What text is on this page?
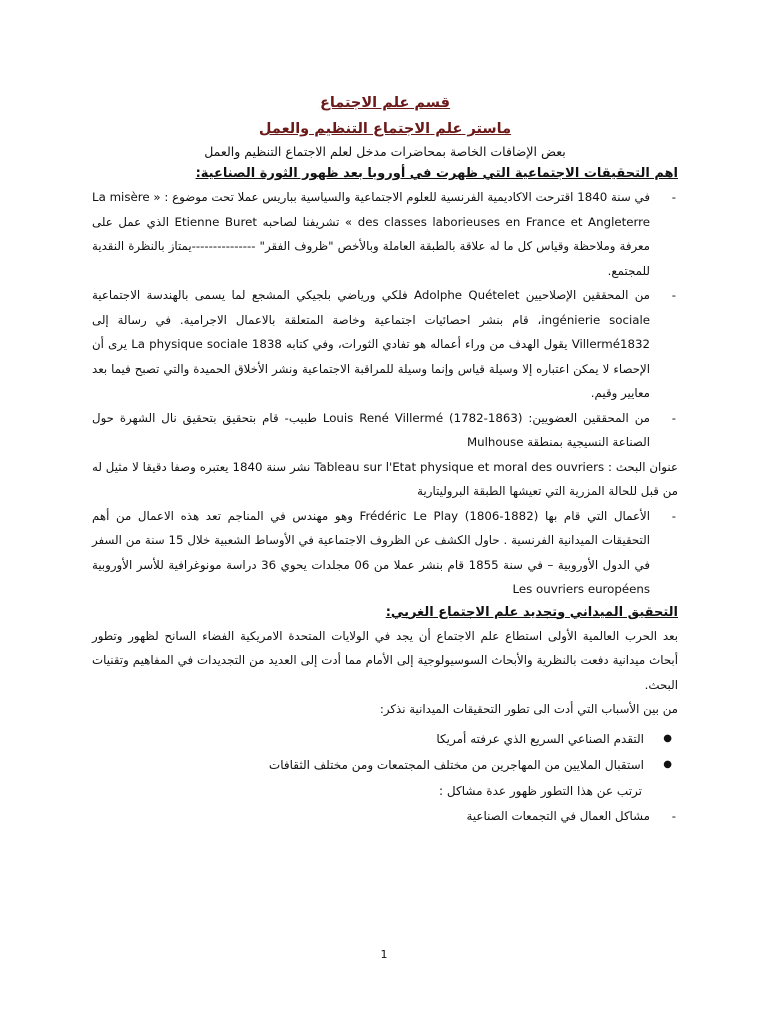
قسم علم الاجتماع

ماستر علم الاجتماع التنظيم والعمل

بعض الإضافات الخاصة بمحاضرات مدخل لعلم الاجتماع التنظيم والعمل

اهم التحقيقات الاجتماعية التي ظهرت في أوروبا بعد ظهور الثورة الصناعية:

- في سنة 1840 اقترحت الاكاديمية الفرنسية للعلوم الاجتماعية والسياسية بباريس عملا تحت موضوع : « La misère des classes laborieuses en France et Angleterre » تشريفنا لصاحبه Etienne Buret الذي عمل على معرفة وملاحظة وقياس كل ما له علاقة بالطبقة العاملة وبالأخص "ظروف الفقر" ---------------يمتاز بالنظرة النقدية للمجتمع.
- من المحققين الإصلاحيين Adolphe Quételet فلكي ورياضي بلجيكي المشجع لما يسمى بالهندسة الاجتماعية ingénierie sociale، قام بنشر احصائيات اجتماعية وخاصة المتعلقة بالاعمال الاجرامية. في رسالة إلى Villermé1832 يقول الهدف من وراء أعماله هو تفادي الثورات، وفي كتابه La physique sociale 1838 يرى أن الإحصاء لا يمكن اعتباره إلا وسيلة قياس وإنما وسيلة للمراقبة الاجتماعية ونشر الأخلاق الحميدة والتي تصبح فيما بعد معايير وقيم.
- من المحققين العضويين: Louis René Villermé (1782-1863) طبيب- قام بتحقيق بتحقيق نال الشهرة حول الصناعة النسيجية بمنطقة Mulhouse

عنوان البحث : Tableau sur l'Etat physique et moral des ouvriers نشر سنة 1840 يعتبره وصفا دقيقا لا مثيل له من قبل للحالة المزرية التي تعيشها الطبقة البروليتارية

- الأعمال التي قام بها Frédéric Le Play (1806-1882) وهو مهندس في المناجم تعد هذه الاعمال من أهم التحقيقات الميدانية الفرنسية . حاول الكشف عن الظروف الاجتماعية في الأوساط الشعبية خلال 15 سنة من السفر في الدول الأوروبية – في سنة 1855 قام بنشر عملا من 06 مجلدات يحوي 36 دراسة مونوغرافية للأسر الأوروبية Les ouvriers européens

التحقيق الميداني وتجديد علم الاجتماع الغربي:

بعد الحرب العالمية الأولى استطاع علم الاجتماع أن يجد في الولايات المتحدة الامريكية الفضاء السانح لظهور وتطور أبحاث ميدانية دفعت بالنظرية والأبحاث السوسيولوجية إلى الأمام مما أدت إلى العديد من التجديدات في المفاهيم وتقنيات البحث.

من بين الأسباب التي أدت الى تطور التحقيقات الميدانية نذكر:

● التقدم الصناعي السريع الذي عرفته أمريكا
● استقبال الملايين من المهاجرين من مختلف المجتمعات ومن مختلف الثقافات

ترتب عن هذا التطور ظهور عدة مشاكل :

- مشاكل العمال في التجمعات الصناعية
1
